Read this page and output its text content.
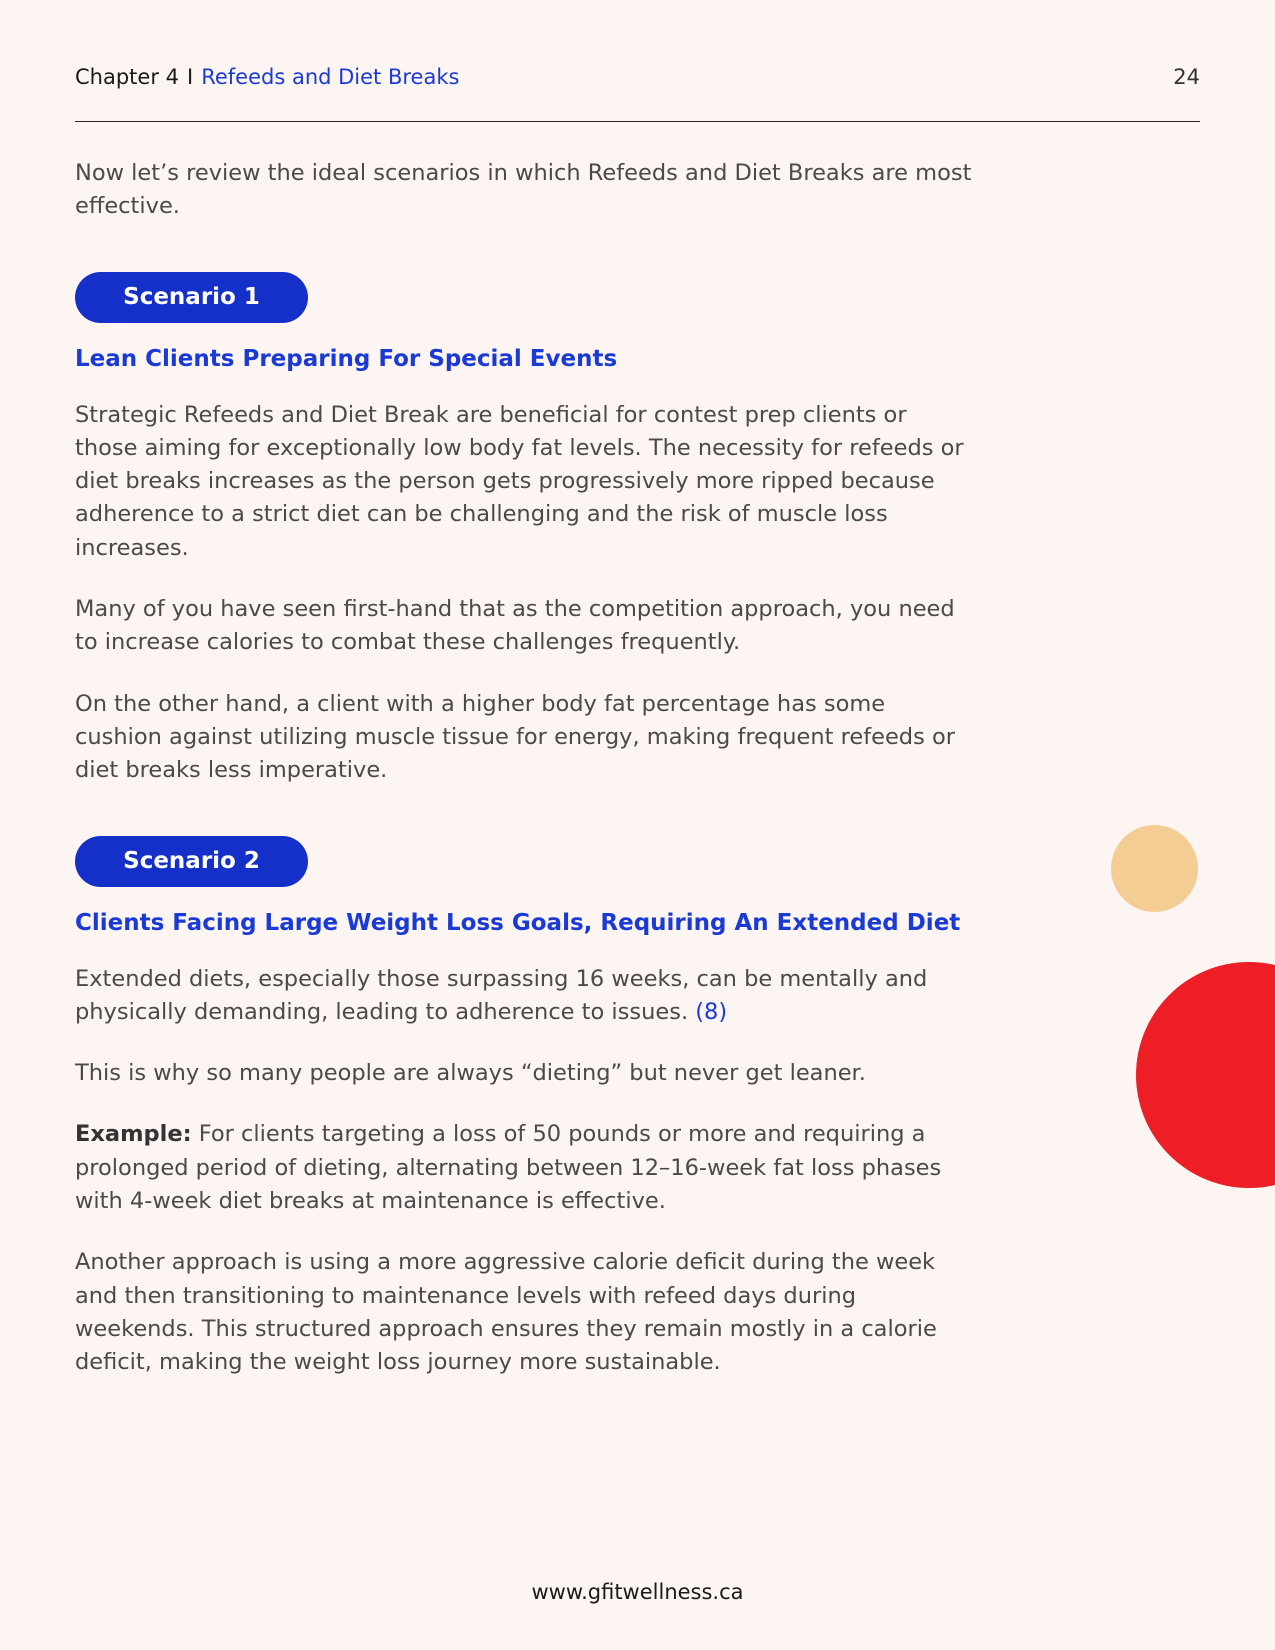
Chapter 4 I Refeeds and Diet Breaks	24

Now let’s review the ideal scenarios in which Refeeds and Diet Breaks are most effective.

Scenario 1
Lean Clients Preparing For Special Events

Strategic Refeeds and Diet Break are beneficial for contest prep clients or those aiming for exceptionally low body fat levels. The necessity for refeeds or diet breaks increases as the person gets progressively more ripped because adherence to a strict diet can be challenging and the risk of muscle loss increases.

Many of you have seen first-hand that as the competition approach, you need to increase calories to combat these challenges frequently.

On the other hand, a client with a higher body fat percentage has some cushion against utilizing muscle tissue for energy, making frequent refeeds or diet breaks less imperative.

Scenario 2
Clients Facing Large Weight Loss Goals, Requiring An Extended Diet

Extended diets, especially those surpassing 16 weeks, can be mentally and physically demanding, leading to adherence to issues. (8)

This is why so many people are always “dieting” but never get leaner.

Example: For clients targeting a loss of 50 pounds or more and requiring a prolonged period of dieting, alternating between 12–16-week fat loss phases with 4-week diet breaks at maintenance is effective.

Another approach is using a more aggressive calorie deficit during the week and then transitioning to maintenance levels with refeed days during weekends. This structured approach ensures they remain mostly in a calorie deficit, making the weight loss journey more sustainable.

www.gfitwellness.ca
